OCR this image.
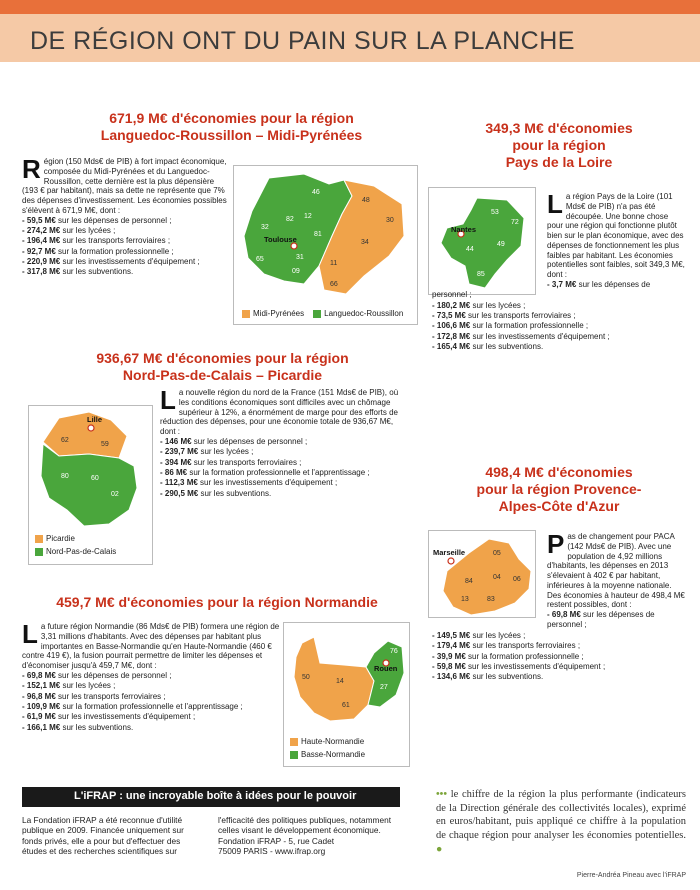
DE RÉGION ONT DU PAIN SUR LA PLANCHE
671,9 M€ d'économies pour la région
Languedoc-Roussillon – Midi-Pyrénées
R égion (150 Mds€ de PIB) à fort impact économique, composée du Midi-Pyrénées et du Languedoc-Roussillon, cette dernière est la plus dépensière (193 € par habitant), mais sa dette ne représente que 7% des dépenses d'investissement. Les économies possibles s'élèvent à 671,9 M€, dont :
- 59,5 M€ sur les dépenses de personnel ;
- 274,2 M€ sur les lycées ;
- 196,4 M€ sur les transports ferroviaires ;
- 92,7 M€ sur la formation professionnelle ;
- 220,9 M€ sur les investissements d'équipement ;
- 317,8 M€ sur les subventions.
46
12
48
30
82
81
34
32
31
65
09
11
66
Toulouse
Midi-Pyrénées	Languedoc-Roussillon
349,3 M€ d'économies
pour la région
Pays de la Loire
53
72
44
49
85
Nantes
L a région Pays de la Loire (101 Mds€ de PIB) n'a pas été découpée. Une bonne chose pour une région qui fonctionne plutôt bien sur le plan économique, avec des dépenses de fonctionnement les plus faibles par habitant. Les économies potentielles sont faibles, soit 349,3 M€, dont :
- 3,7 M€ sur les dépenses de personnel ;
- 180,2 M€ sur les lycées ;
- 73,5 M€ sur les transports ferroviaires ;
- 106,6 M€ sur la formation professionnelle ;
- 172,8 M€ sur les investissements d'équipement ;
- 165,4 M€ sur les subventions.
936,67 M€ d'économies pour la région
Nord-Pas-de-Calais – Picardie
62
59
80	60
02
Lille
Picardie
Nord-Pas-de-Calais
L a nouvelle région du nord de la France (151 Mds€ de PIB), où les conditions économiques sont difficiles avec un chômage supérieur à 12%, a énormément de marge pour des efforts de réduction des dépenses, pour une économie totale de 936,67 M€, dont :
- 146 M€ sur les dépenses de personnel ;
- 239,7 M€ sur les lycées ;
- 394 M€ sur les transports ferroviaires ;
- 86 M€ sur la formation professionnelle et l'apprentissage ;
- 112,3 M€ sur les investissements d'équipement ;
- 290,5 M€ sur les subventions.
498,4 M€ d'économies
pour la région Provence-
Alpes-Côte d'Azur
05
84
04 06
13	83
Marseille	P as de changement pour PACA (142 Mds€ de PIB). Avec une population de 4,92 millions d'habitants, les dépenses en 2013 s'élevaient à 402 € par habitant, inférieures à la moyenne nationale. Des économies à hauteur de 498,4 M€ restent possibles, dont :
- 69,8 M€ sur les dépenses de personnel ;
- 149,5 M€ sur les lycées ;
- 179,4 M€ sur les transports ferroviaires ;
- 39,9 M€ sur la formation professionnelle ;
- 59,8 M€ sur les investissements d'équipement ;
- 134,6 M€ sur les subventions.
459,7 M€ d'économies pour la région Normandie
L a future région Normandie (86 Mds€ de PIB) formera une région de 3,31 millions d'habitants. Avec des dépenses par habitant plus importantes en Basse-Normandie qu'en Haute-Normandie (460 € contre 419 €), la fusion pourrait permettre de limiter les dépenses et d'économiser jusqu'à 459,7 M€, dont :
- 69,8 M€ sur les dépenses de personnel ;
- 152,1 M€ sur les lycées ;
- 96,8 M€ sur les transports ferroviaires ;
- 109,9 M€ sur la formation professionnelle et l'apprentissage ;
- 61,9 M€ sur les investissements d'équipement ;
- 166,1 M€ sur les subventions.
76
50
14
27
61
Rouen
Haute-Normandie
Basse-Normandie
L'iFRAP : une incroyable boîte à idées pour le pouvoir
La Fondation iFRAP a été reconnue d'utilité publique en 2009. Financée uniquement sur fonds privés, elle a pour but d'effectuer des études et des recherches scientifiques sur
l'efficacité des politiques publiques, notamment celles visant le développement économique.
Fondation iFRAP - 5, rue Cadet
75009 PARIS - www.ifrap.org
••• le chiffre de la région la plus performante (indicateurs de la Direction générale des collectivités locales), exprimé en euros/habitant, puis appliqué ce chiffre à la population de chaque région pour analyser les économies potentielles. ●
Pierre-Andréa Pineau avec l'iFRAP
